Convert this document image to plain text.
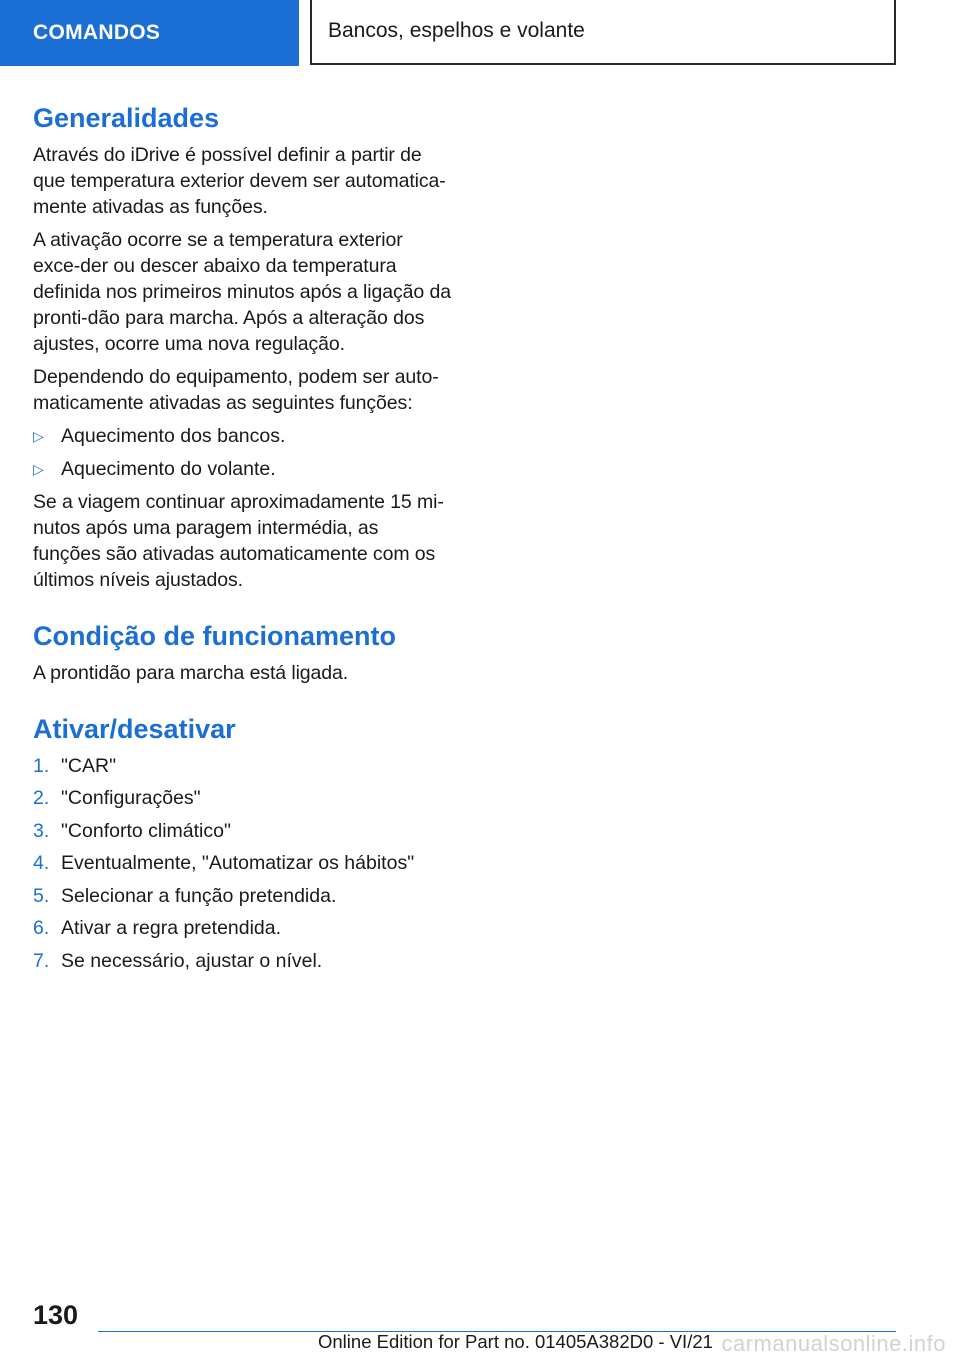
COMANDOS	Bancos, espelhos e volante
Generalidades

Através do iDrive é possível definir a partir de que temperatura exterior devem ser automatica-mente ativadas as funções.

A ativação ocorre se a temperatura exterior exce-der ou descer abaixo da temperatura definida nos primeiros minutos após a ligação da pronti-dão para marcha. Após a alteração dos ajustes, ocorre uma nova regulação.

Dependendo do equipamento, podem ser auto-maticamente ativadas as seguintes funções:

▷ Aquecimento dos bancos.
▷ Aquecimento do volante.

Se a viagem continuar aproximadamente 15 mi-nutos após uma paragem intermédia, as funções são ativadas automaticamente com os últimos níveis ajustados.

Condição de funcionamento

A prontidão para marcha está ligada.

Ativar/desativar
1. "CAR"
2. "Configurações"
3. "Conforto climático"
4. Eventualmente, "Automatizar os hábitos"
5. Selecionar a função pretendida.
6. Ativar a regra pretendida.
7. Se necessário, ajustar o nível.
130
Online Edition for Part no. 01405A382D0 - VI/21 carmanualsonline.info
